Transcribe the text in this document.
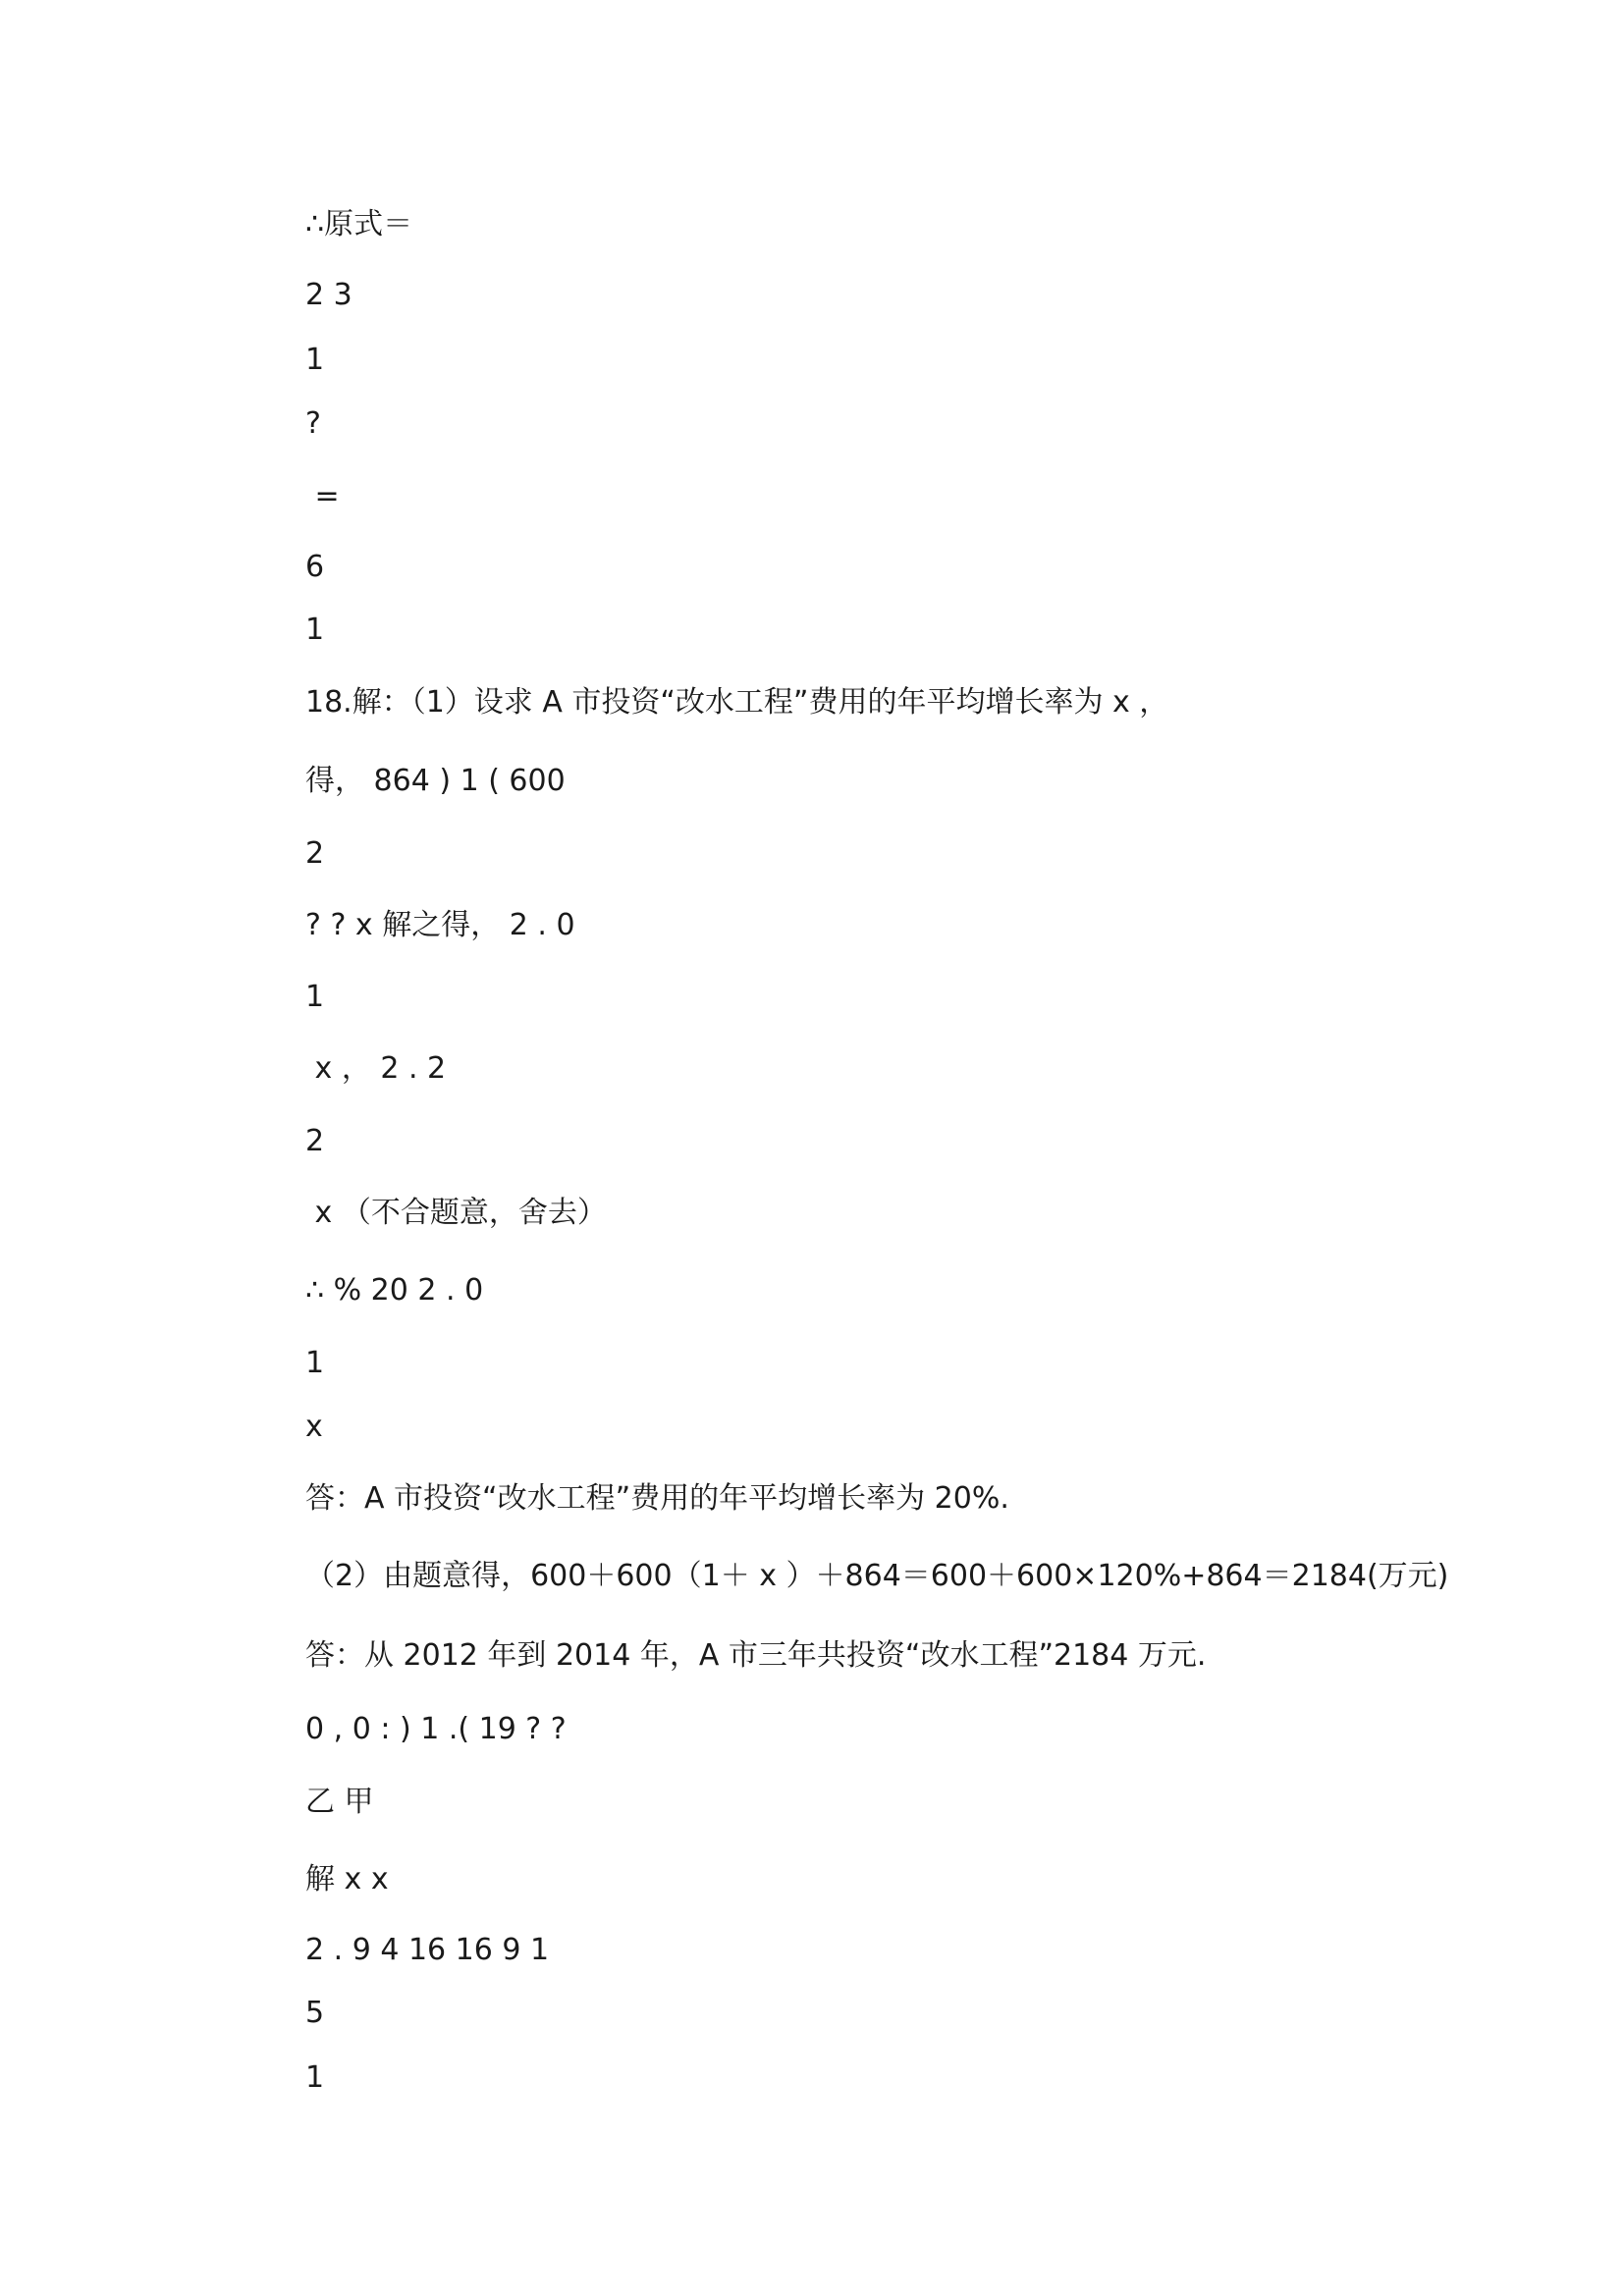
∴原式＝
2 3
1
?
=
6
1
18.解：（1）设求 A 市投资“改水工程”费用的年平均增长率为 x ，
得， 864 ) 1 ( 600
2
? ? x 解之得， 2 . 0
1
x ， 2 . 2
2
x （不合题意，舍去）
∴ % 20 2 . 0
1
x
答：A 市投资“改水工程”费用的年平均增长率为 20%.
（2）由题意得，600＋600（1＋ x ）＋864＝600＋600×120%+864＝2184(万元)
答：从 2012 年到 2014 年，A 市三年共投资“改水工程”2184 万元.
0 , 0 : ) 1 .( 19 ? ?
乙 甲
解 x x
2 . 9 4 16 16 9 1
5
1
